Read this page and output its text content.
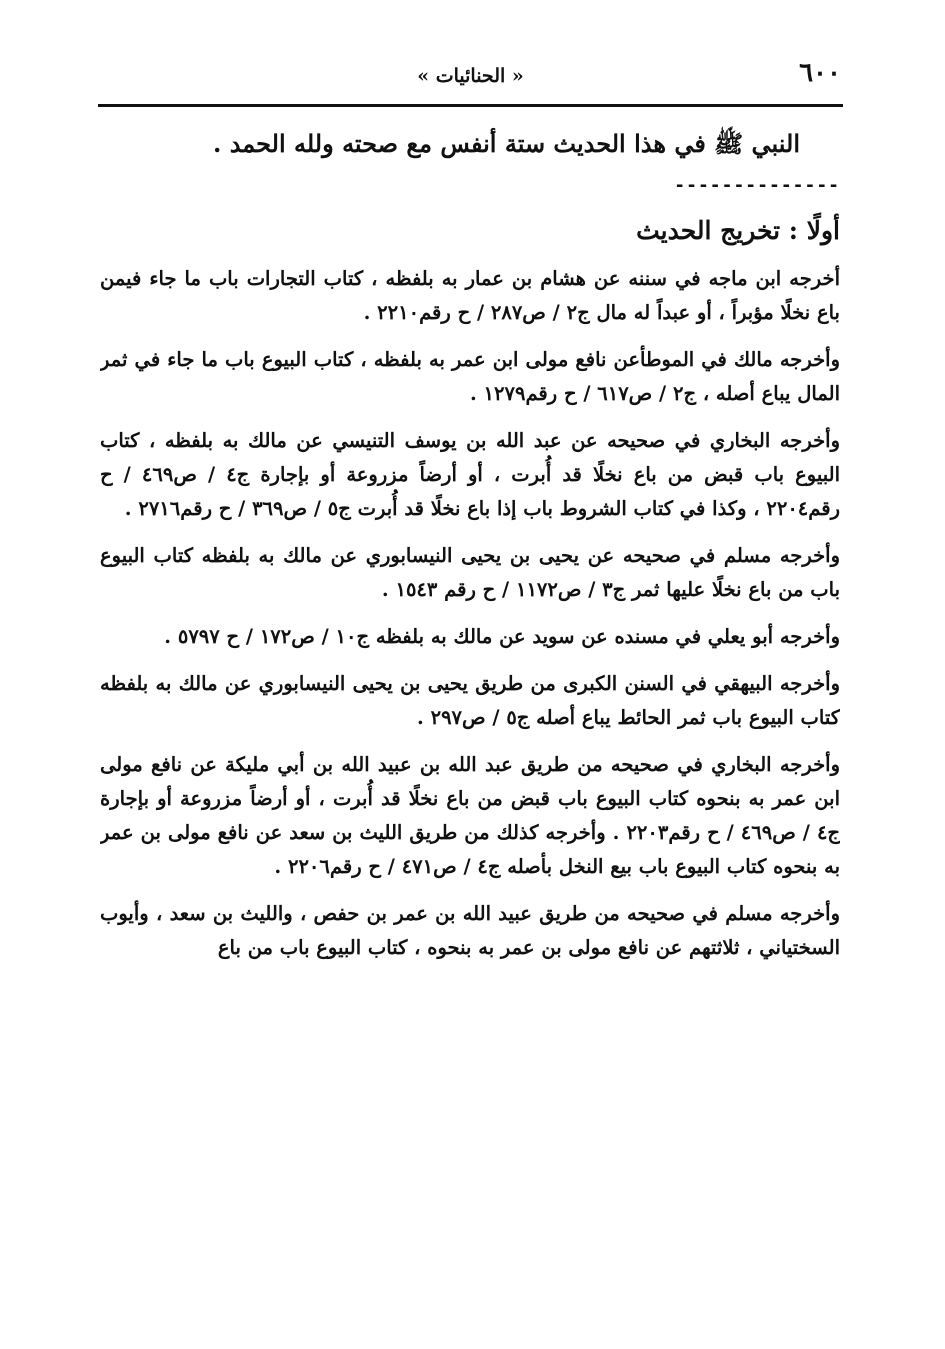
٦٠٠
« الحنائيات »

النبي ﷺ في هذا الحديث ستة أنفس مع صحته ولله الحمد .

--------------
أولًا : تخريج الحديث

أخرجه ابن ماجه في سننه عن هشام بن عمار به بلفظه ، كتاب التجارات باب ما جاء فيمن باع نخلًا مؤبراً ، أو عبداً له مال ج٢ / ص٢٨٧ / ح رقم٢٢١٠ .

وأخرجه مالك في الموطأعن نافع مولى ابن عمر به بلفظه ، كتاب البيوع باب ما جاء في ثمر المال يباع أصله ، ج٢ / ص٦١٧ / ح رقم١٢٧٩ .

وأخرجه البخاري في صحيحه عن عبد الله بن يوسف التنيسي عن مالك به بلفظه ، كتاب البيوع باب قبض من باع نخلًا قد أُبرت ، أو أرضاً مزروعة أو بإجارة ج٤ / ص٤٦٩ / ح رقم٢٢٠٤ ، وكذا في كتاب الشروط باب إذا باع نخلًا قد أُبرت ج٥ / ص٣٦٩ / ح رقم٢٧١٦ .

وأخرجه مسلم في صحيحه عن يحيى بن يحيى النيسابوري عن مالك به بلفظه كتاب البيوع باب من باع نخلًا عليها ثمر ج٣ / ص١١٧٢ / ح رقم ١٥٤٣ .

وأخرجه أبو يعلي في مسنده عن سويد عن مالك به بلفظه ج١٠ / ص١٧٢ / ح ٥٧٩٧ .

وأخرجه البيهقي في السنن الكبرى من طريق يحيى بن يحيى النيسابوري عن مالك به بلفظه كتاب البيوع باب ثمر الحائط يباع أصله ج٥ / ص٢٩٧ .

وأخرجه البخاري في صحيحه من طريق عبد الله بن عبيد الله بن أبي مليكة عن نافع مولى ابن عمر به بنحوه كتاب البيوع باب قبض من باع نخلًا قد أُبرت ، أو أرضاً مزروعة أو بإجارة ج٤ / ص٤٦٩ / ح رقم٢٢٠٣ . وأخرجه كذلك من طريق الليث بن سعد عن نافع مولى بن عمر به بنحوه كتاب البيوع باب بيع النخل بأصله ج٤ / ص٤٧١ / ح رقم٢٢٠٦ .

وأخرجه مسلم في صحيحه من طريق عبيد الله بن عمر بن حفص ، والليث بن سعد ، وأيوب السختياني ، ثلاثتهم عن نافع مولى بن عمر به بنحوه ، كتاب البيوع باب من باع
